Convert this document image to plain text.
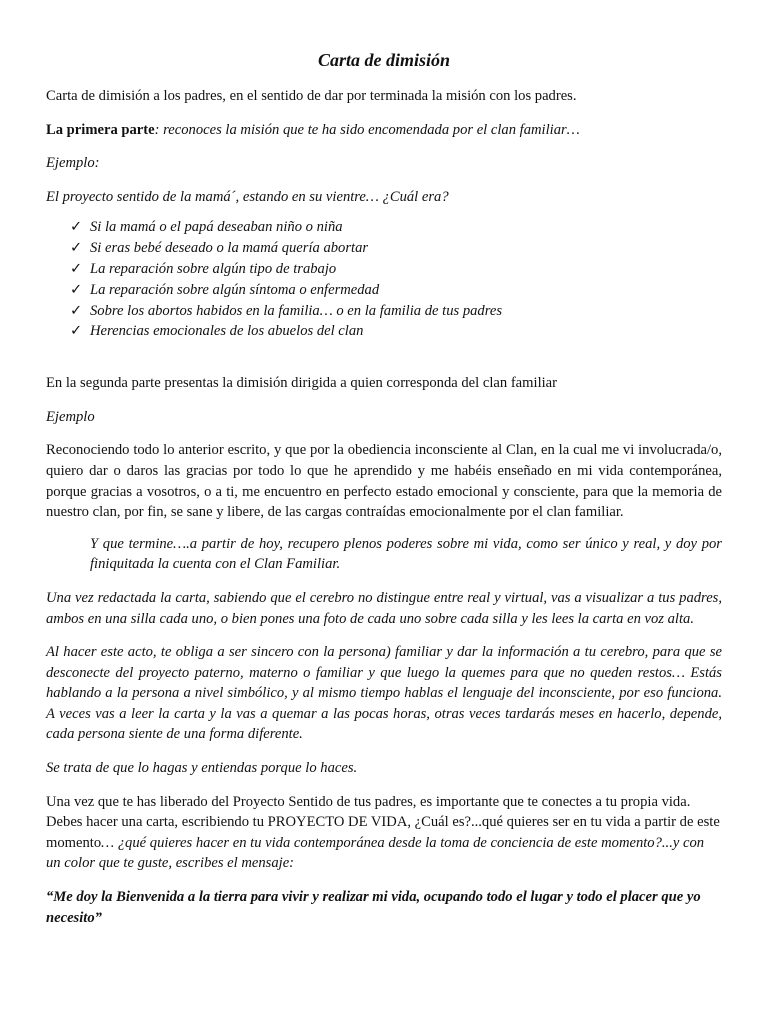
Carta de dimisión

Carta de dimisión a los padres, en el sentido de dar por terminada la misión con los padres.

La primera parte: reconoces la misión que te ha sido encomendada por el clan familiar…

Ejemplo:

El proyecto sentido de la mamá´, estando en su vientre… ¿Cuál era?

✓ Si la mamá o el papá deseaban niño o niña
✓ Si eras bebé deseado o la mamá quería abortar
✓ La reparación sobre algún tipo de trabajo
✓ La reparación sobre algún síntoma o enfermedad
✓ Sobre los abortos habidos en la familia… o en la familia de tus padres
✓ Herencias emocionales de los abuelos del clan

En la segunda parte presentas la dimisión dirigida a quien corresponda del clan familiar

Ejemplo

Reconociendo todo lo anterior escrito, y que por la obediencia inconsciente al Clan, en la cual me vi involucrada/o, quiero dar o daros las gracias por todo lo que he aprendido y me habéis enseñado en mi vida contemporánea, porque gracias a vosotros, o a ti, me encuentro en perfecto estado emocional y consciente, para que la memoria de nuestro clan, por fin, se sane y libere, de las cargas contraídas emocionalmente por el clan familiar.

Y que termine….a partir de hoy, recupero plenos poderes sobre mi vida, como ser único y real, y doy por finiquitada la cuenta con el Clan Familiar.

Una vez redactada la carta, sabiendo que el cerebro no distingue entre real y virtual, vas a visualizar a tus padres, ambos en una silla cada uno, o bien pones una foto de cada uno sobre cada silla y les lees la carta en voz alta.

Al hacer este acto, te obliga a ser sincero con la persona) familiar y dar la información a tu cerebro, para que se desconecte del proyecto paterno, materno o familiar y que luego la quemes para que no queden restos… Estás hablando a la persona a nivel simbólico, y al mismo tiempo hablas el lenguaje del inconsciente, por eso funciona. A veces vas a leer la carta y la vas a quemar a las pocas horas, otras veces tardarás meses en hacerlo, depende, cada persona siente de una forma diferente.

Se trata de que lo hagas y entiendas porque lo haces.

Una vez que te has liberado del Proyecto Sentido de tus padres, es importante que te conectes a tu propia vida. Debes hacer una carta, escribiendo tu PROYECTO DE VIDA, ¿Cuál es?...qué quieres ser en tu vida a partir de este momento… ¿qué quieres hacer en tu vida contemporánea desde la toma de conciencia de este momento?...y con un color que te guste, escribes el mensaje:

“Me doy la Bienvenida a la tierra para vivir y realizar mi vida, ocupando todo el lugar y todo el placer que yo necesito”
